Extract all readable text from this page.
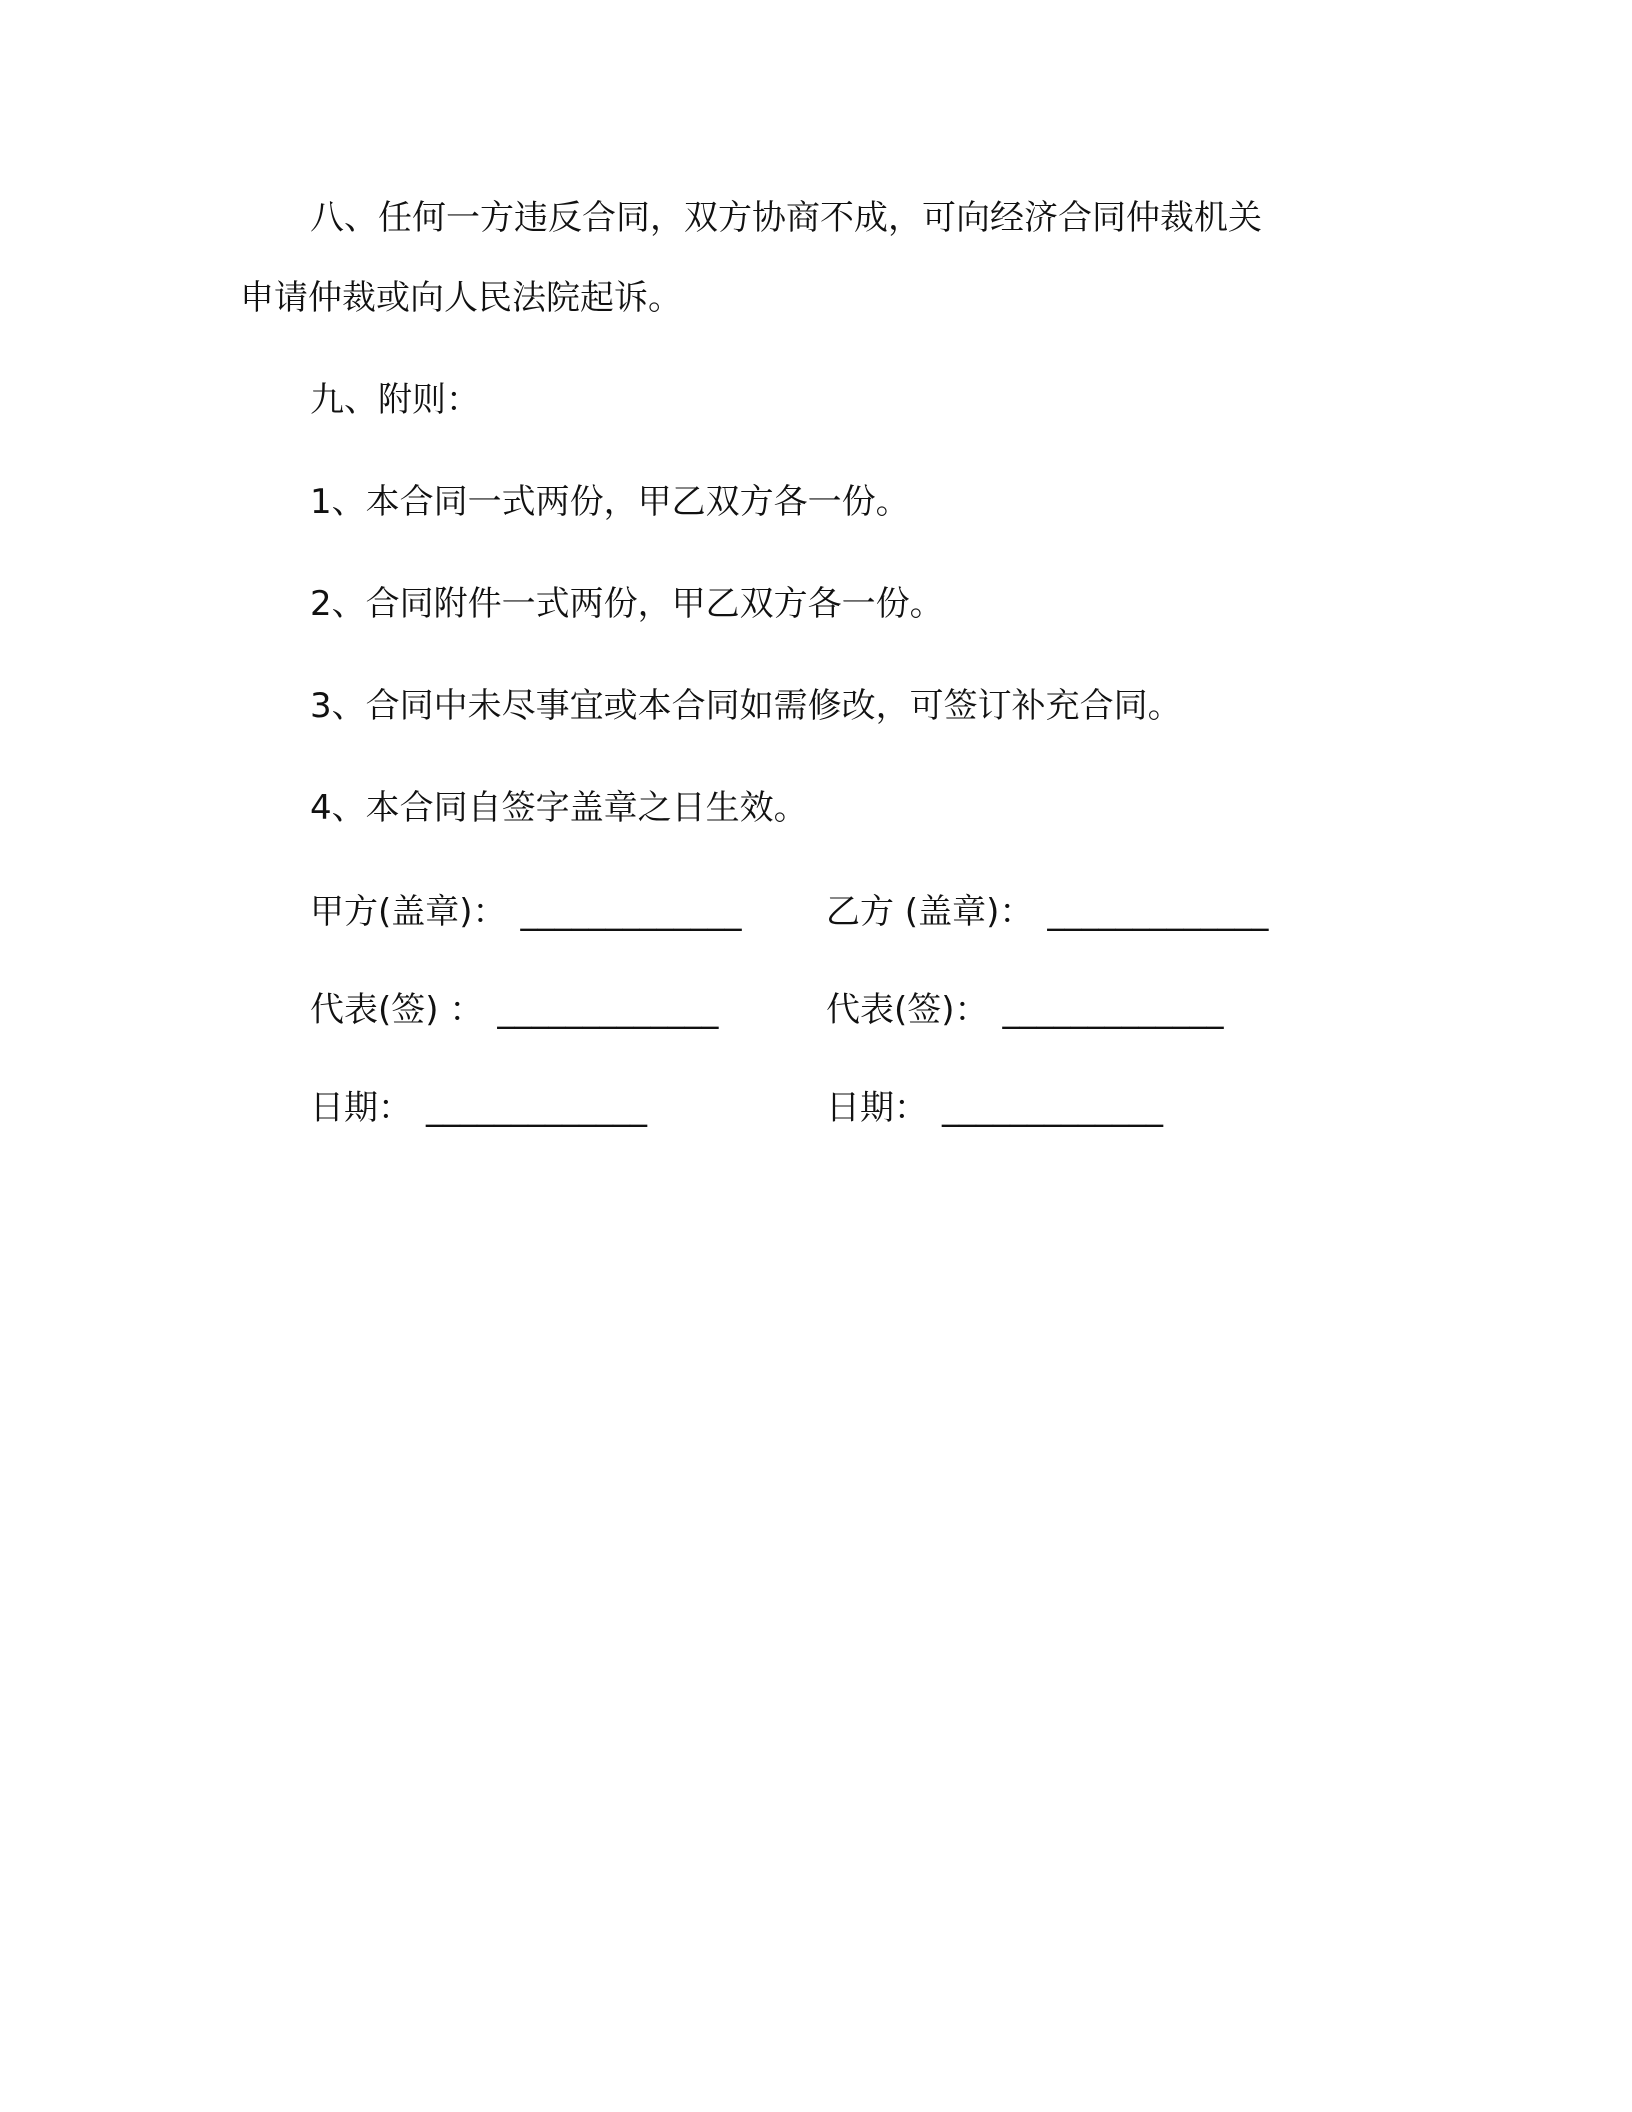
八、任何一方违反合同，双方协商不成，可向经济合同仲裁机关
申请仲裁或向人民法院起诉。

九、附则：

1、本合同一式两份，甲乙双方各一份。

2、合同附件一式两份，甲乙双方各一份。

3、合同中未尽事宜或本合同如需修改，可签订补充合同。

4、本合同自签字盖章之日生效。

甲方(盖章)： _____________ 乙方 (盖章)： _____________
代表(签) ： _____________	代表(签)： _____________
日期： _____________	日期： _____________
